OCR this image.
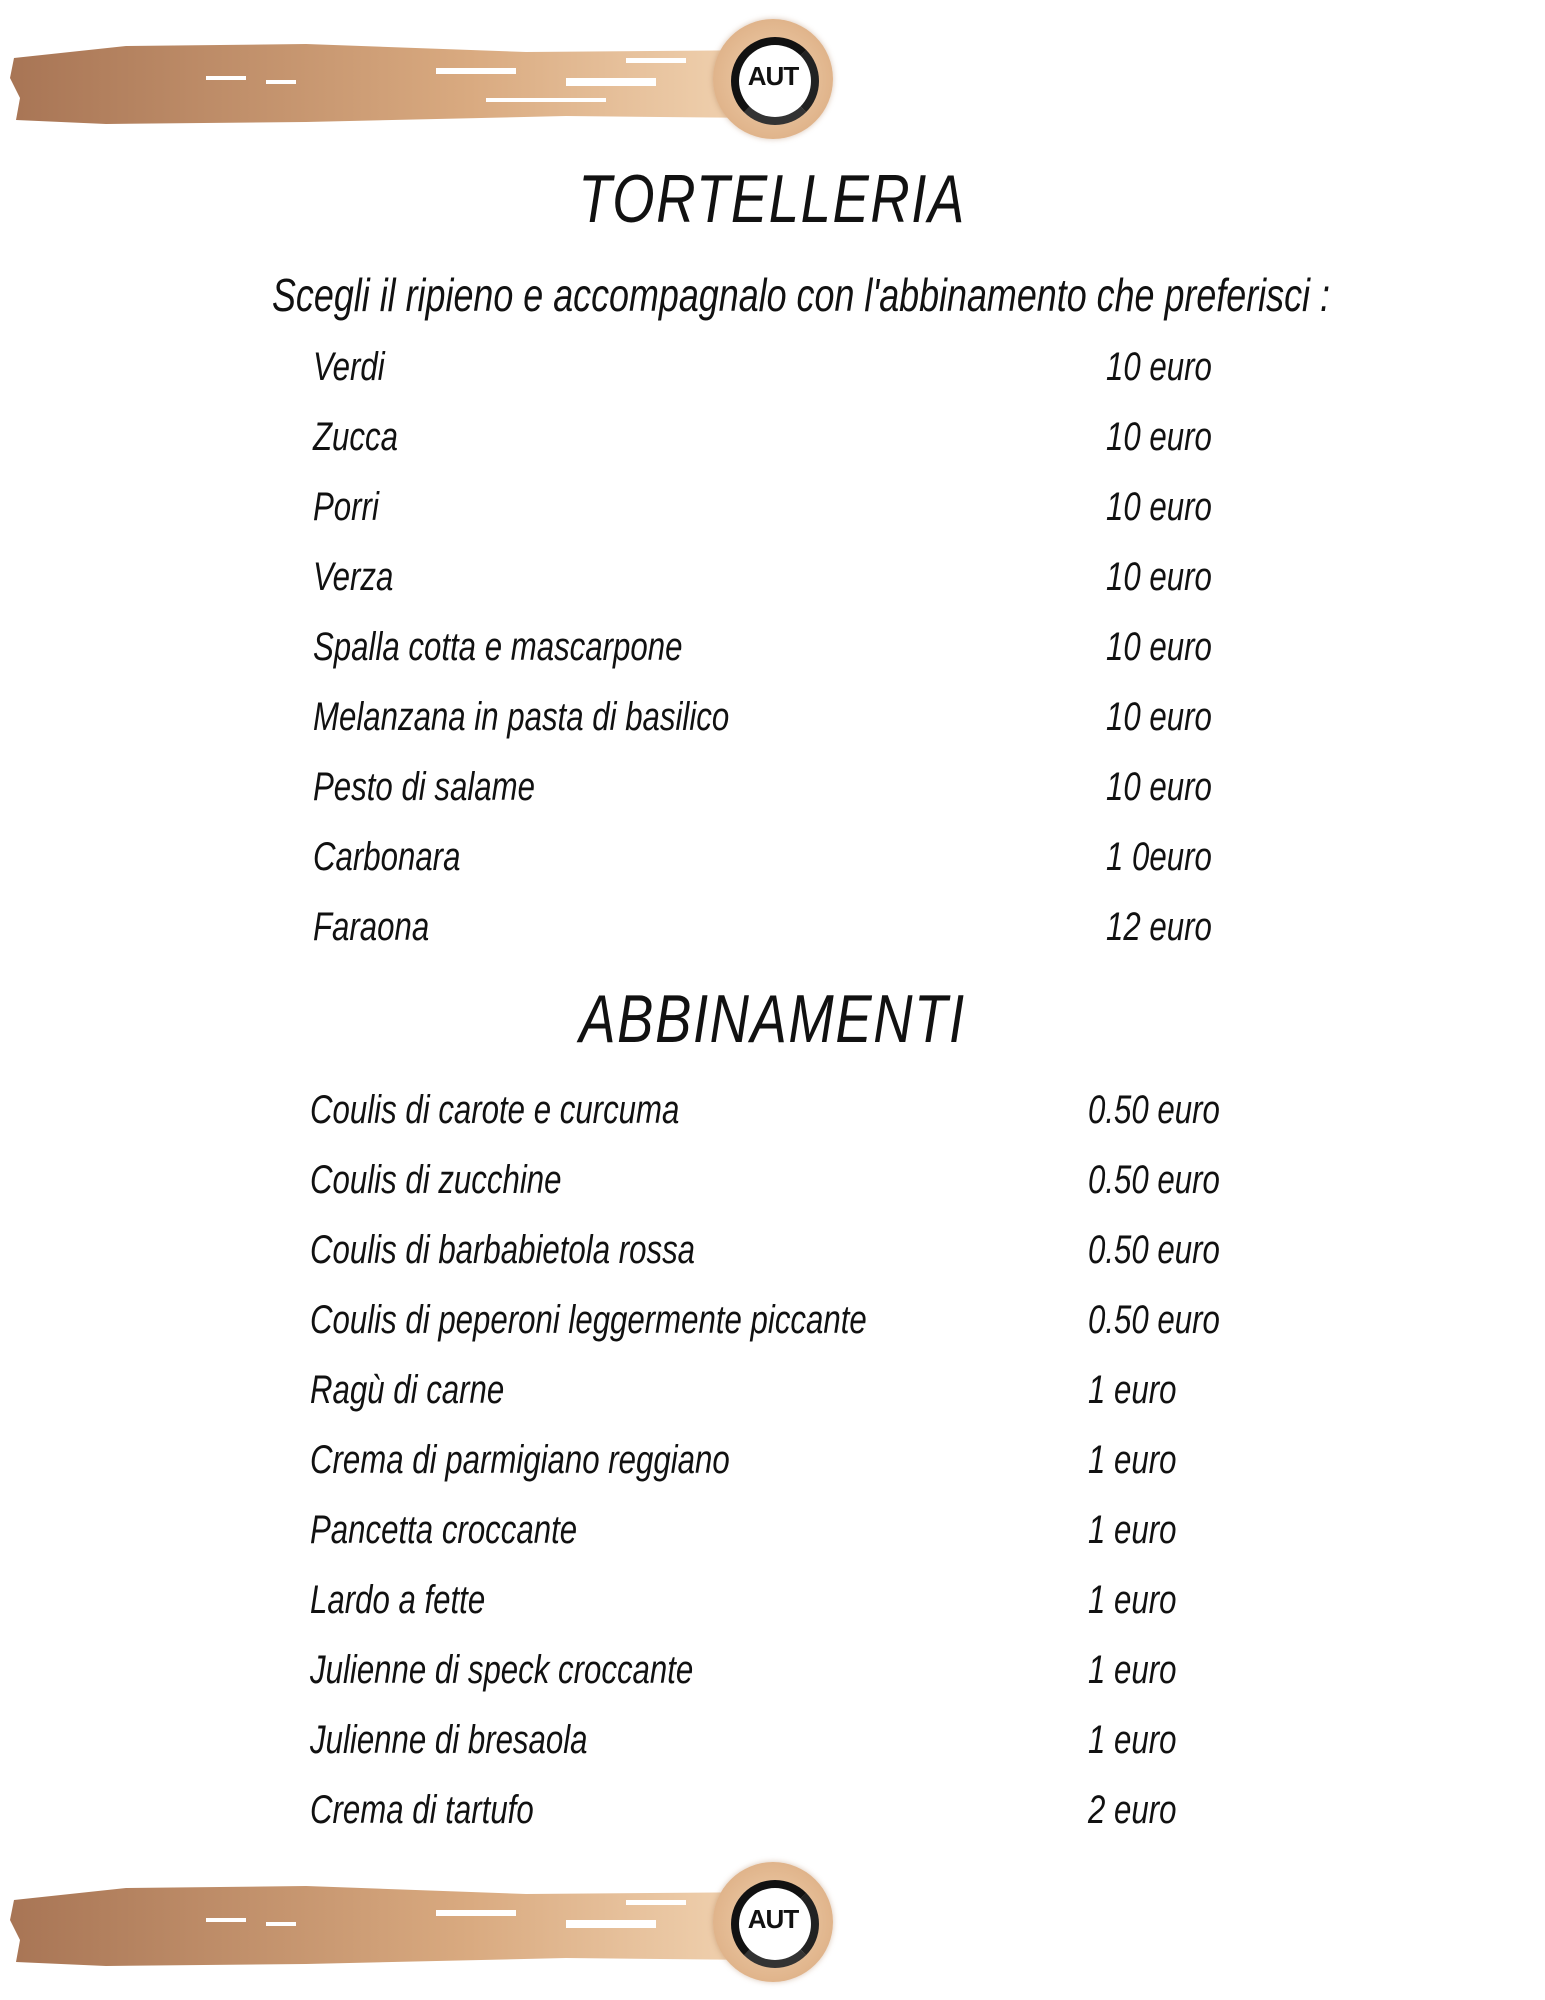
AUT
TORTELLERIA
Scegli il ripieno e accompagnalo con l'abbinamento che preferisci :
Verdi	10 euro
Zucca	10 euro
Porri	10 euro
Verza	10 euro
Spalla cotta e mascarpone	10 euro
Melanzana in pasta di basilico	10 euro
Pesto di salame	10 euro
Carbonara	1 0euro
Faraona	12 euro
ABBINAMENTI
Coulis di carote e curcuma	0.50 euro
Coulis di zucchine	0.50 euro
Coulis di barbabietola rossa	0.50 euro
Coulis di peperoni leggermente piccante	0.50 euro
Ragù di carne	1 euro
Crema di parmigiano reggiano	1 euro
Pancetta croccante	1 euro
Lardo a fette	1 euro
Julienne di speck croccante	1 euro
Julienne di bresaola	1 euro
Crema di tartufo	2 euro
AUT
